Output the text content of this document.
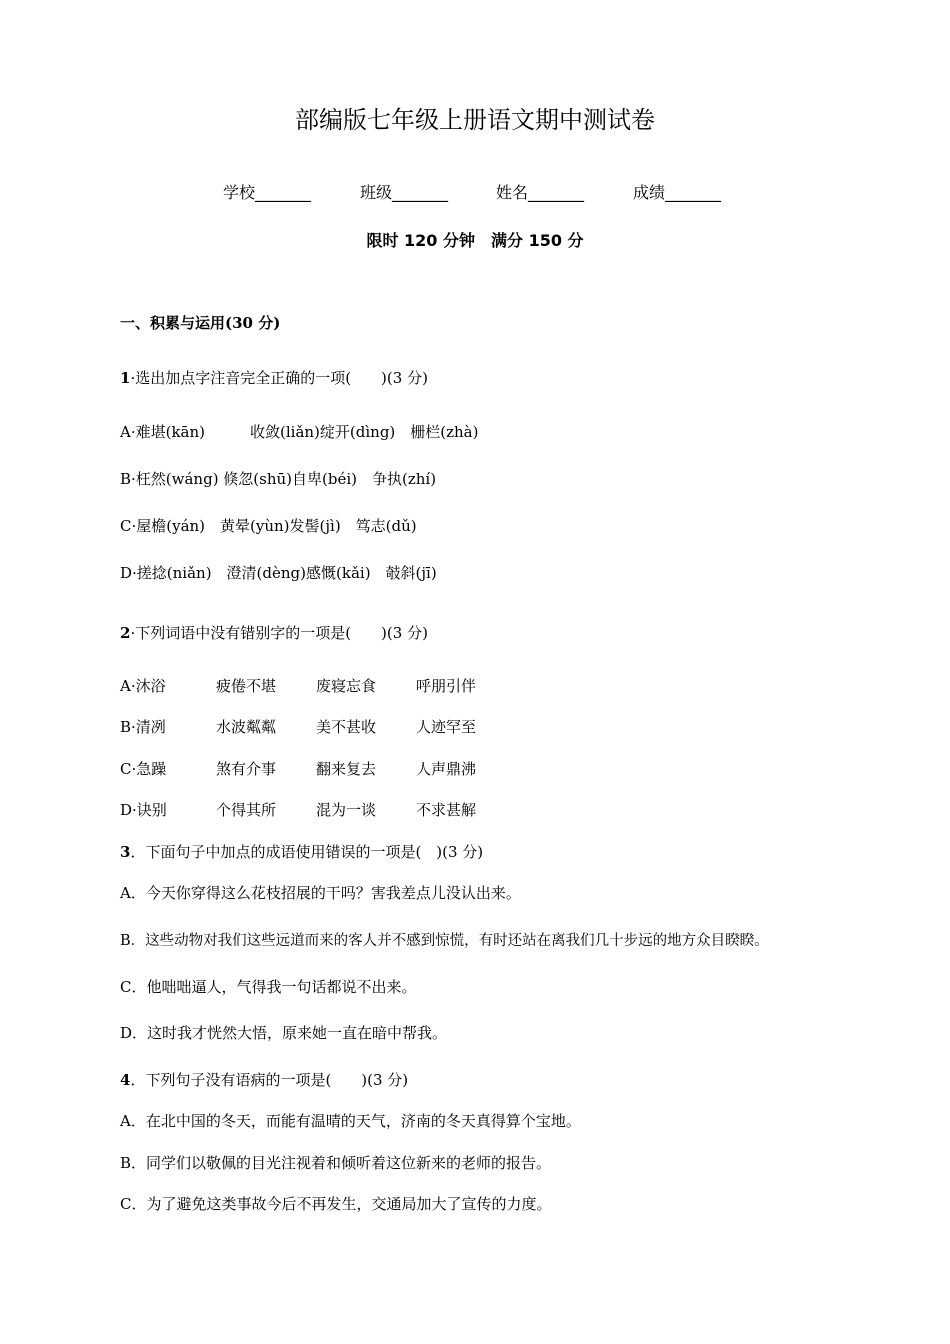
部编版七年级上册语文期中测试卷
学校_______	班级_______	姓名_______	成绩_______
限时 120 分钟　满分 150 分
一、积累与运用(30 分)
1·选出加点字注音完全正确的一项(　　)(3 分)
A·难堪(kān)　　　收敛(liǎn)绽开(dìng)　栅栏(zhà)
B·枉然(wáng) 倏忽(shū)自卑(béi)　争执(zhí)
C·屋檐(yán)　黄晕(yùn)发髻(jì)　笃志(dǔ)
D·搓捻(niǎn)　澄清(dèng)感慨(kǎi)　攲斜(jī)
2·下列词语中没有错别字的一项是(　　)(3 分)
A·沐浴	疲倦不堪	废寝忘食	呼朋引伴
B·清冽	水波粼粼	美不甚收	人迹罕至
C·急躁	煞有介事	翻来复去	人声鼎沸
D·诀别	个得其所	混为一谈	不求甚解
3．下面句子中加点的成语使用错误的一项是(　)(3 分)
A．今天你穿得这么花枝招展的干吗？害我差点儿没认出来。
B．这些动物对我们这些远道而来的客人并不感到惊慌，有时还站在离我们几十步远的地方众目睽睽。
C．他咄咄逼人，气得我一句话都说不出来。
D．这时我才恍然大悟，原来她一直在暗中帮我。
4．下列句子没有语病的一项是(　　)(3 分)
A．在北中国的冬天，而能有温晴的天气，济南的冬天真得算个宝地。
B．同学们以敬佩的目光注视着和倾听着这位新来的老师的报告。
C．为了避免这类事故今后不再发生，交通局加大了宣传的力度。
